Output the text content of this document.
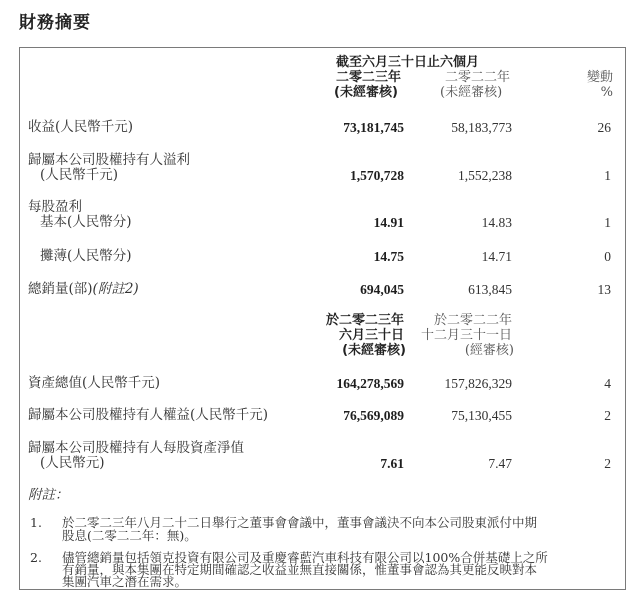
財務摘要
截至六月三十日止六個月
二零二三年
(未經審核)
二零二二年
(未經審核)
變動
%
收益(人民幣千元)	73,181,745	58,183,773	26
歸屬本公司股權持有人溢利
(人民幣千元)	1,570,728	1,552,238	1
每股盈利
基本(人民幣分)	14.91	14.83	1
攤薄(人民幣分)	14.75	14.71	0
總銷量(部)(附註2)	694,045	613,845	13
於二零二三年
六月三十日
(未經審核)
於二零二二年
十二月三十一日
(經審核)
資產總值(人民幣千元)	164,278,569	157,826,329	4
歸屬本公司股權持有人權益(人民幣千元)	76,569,089	75,130,455	2
歸屬本公司股權持有人每股資產淨值
(人民幣元)	7.61	7.47	2
附註：
1. 於二零二三年八月二十二日舉行之董事會會議中，董事會議決不向本公司股東派付中期
股息(二零二二年：無)。
2. 儘管總銷量包括領克投資有限公司及重慶睿藍汽車科技有限公司以100%合併基礎上之所
有銷量，與本集團在特定期間確認之收益並無直接關係，惟董事會認為其更能反映對本
集團汽車之潛在需求。
